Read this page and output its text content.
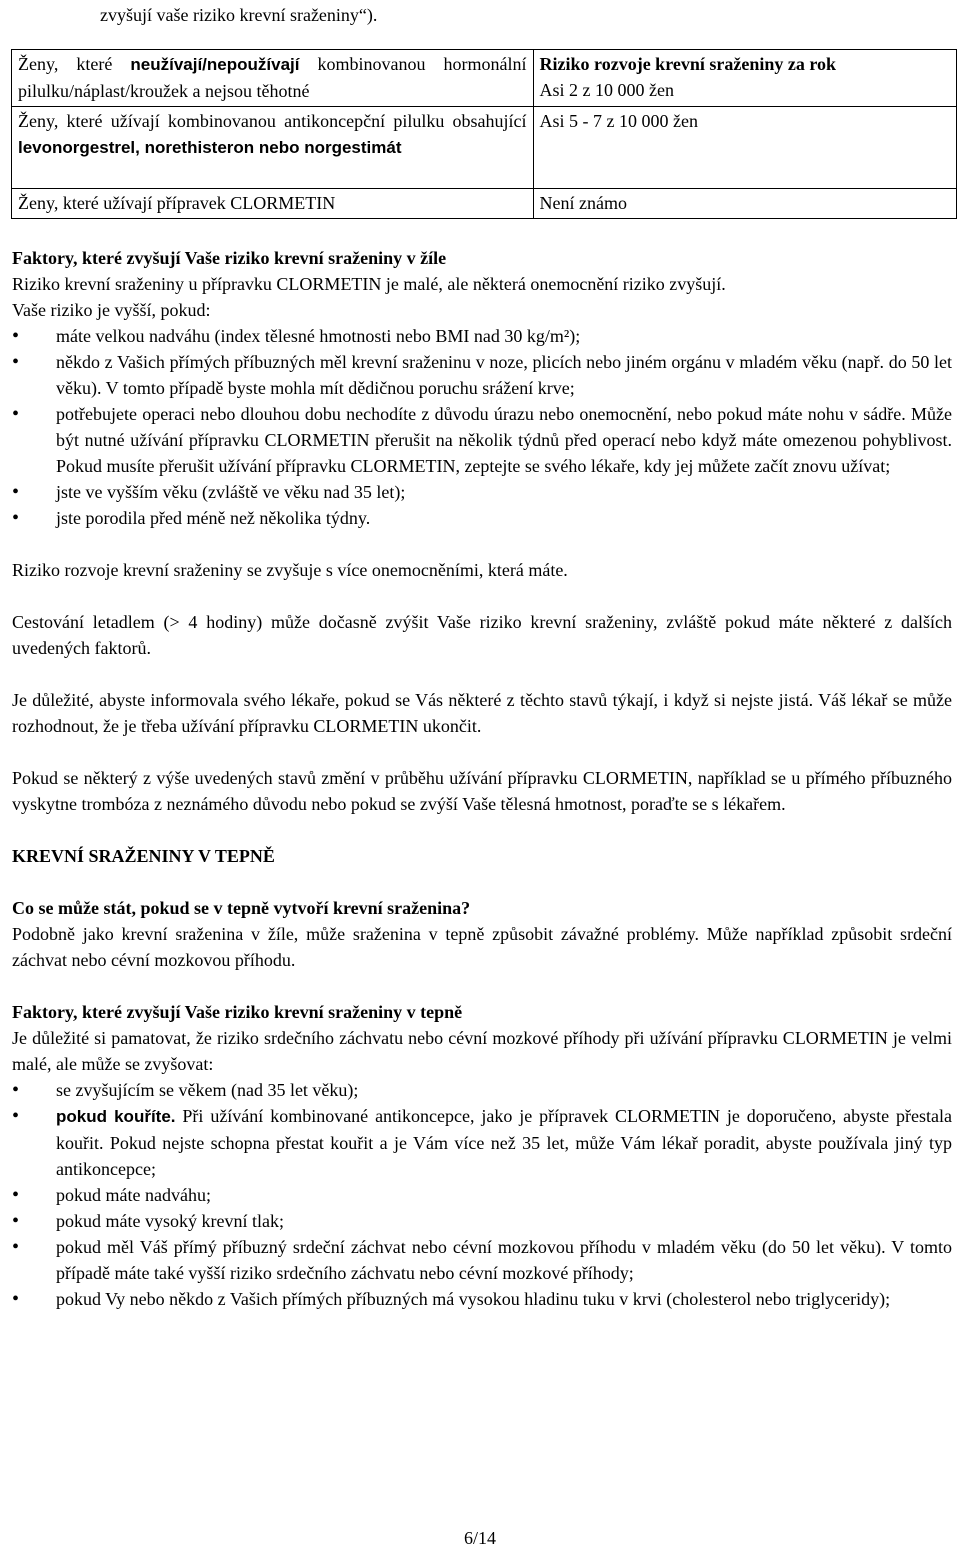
zvyšují vaše riziko krevní sraženiny“).
Ženy, které neužívají/nepoužívají kombinovanou hormonální pilulku/náplast/kroužek a nejsou těhotné	Riziko rozvoje krevní sraženiny za rok
Asi 2 z 10 000 žen

Ženy, které užívají kombinovanou antikoncepční pilulku obsahující levonorgestrel, norethisteron nebo norgestimát	Asi 5 - 7 z 10 000 žen

Ženy, které užívají přípravek CLORMETIN	Není známo
Faktory, které zvyšují Vaše riziko krevní sraženiny v žíle

Riziko krevní sraženiny u přípravku CLORMETIN je malé, ale některá onemocnění riziko zvyšují.

Vaše riziko je vyšší, pokud:

• máte velkou nadváhu (index tělesné hmotnosti nebo BMI nad 30 kg/m²);
• někdo z Vašich přímých příbuzných měl krevní sraženinu v noze, plicích nebo jiném orgánu v mladém věku (např. do 50 let věku). V tomto případě byste mohla mít dědičnou poruchu srážení krve;
• potřebujete operaci nebo dlouhou dobu nechodíte z důvodu úrazu nebo onemocnění, nebo pokud máte nohu v sádře. Může být nutné užívání přípravku CLORMETIN přerušit na několik týdnů před operací nebo když máte omezenou pohyblivost. Pokud musíte přerušit užívání přípravku CLORMETIN, zeptejte se svého lékaře, kdy jej můžete začít znovu užívat;
• jste ve vyšším věku (zvláště ve věku nad 35 let);
• jste porodila před méně než několika týdny.

Riziko rozvoje krevní sraženiny se zvyšuje s více onemocněními, která máte.

Cestování letadlem (> 4 hodiny) může dočasně zvýšit Vaše riziko krevní sraženiny, zvláště pokud máte některé z dalších uvedených faktorů.

Je důležité, abyste informovala svého lékaře, pokud se Vás některé z těchto stavů týkají, i když si nejste jistá. Váš lékař se může rozhodnout, že je třeba užívání přípravku CLORMETIN ukončit.

Pokud se některý z výše uvedených stavů změní v průběhu užívání přípravku CLORMETIN, například se u přímého příbuzného vyskytne trombóza z neznámého důvodu nebo pokud se zvýší Vaše tělesná hmotnost, poraďte se s lékařem.

KREVNÍ SRAŽENINY V TEPNĚ
Co se může stát, pokud se v tepně vytvoří krevní sraženina?

Podobně jako krevní sraženina v žíle, může sraženina v tepně způsobit závažné problémy. Může například způsobit srdeční záchvat nebo cévní mozkovou příhodu.

Faktory, které zvyšují Vaše riziko krevní sraženiny v tepně

Je důležité si pamatovat, že riziko srdečního záchvatu nebo cévní mozkové příhody při užívání přípravku CLORMETIN je velmi malé, ale může se zvyšovat:

• se zvyšujícím se věkem (nad 35 let věku);
• pokud kouříte. Při užívání kombinované antikoncepce, jako je přípravek CLORMETIN je doporučeno, abyste přestala kouřit. Pokud nejste schopna přestat kouřit a je Vám více než 35 let, může Vám lékař poradit, abyste používala jiný typ antikoncepce;
• pokud máte nadváhu;
• pokud máte vysoký krevní tlak;
• pokud měl Váš přímý příbuzný srdeční záchvat nebo cévní mozkovou příhodu v mladém věku (do 50 let věku). V tomto případě máte také vyšší riziko srdečního záchvatu nebo cévní mozkové příhody;
• pokud Vy nebo někdo z Vašich přímých příbuzných má vysokou hladinu tuku v krvi (cholesterol nebo triglyceridy);
6/14
